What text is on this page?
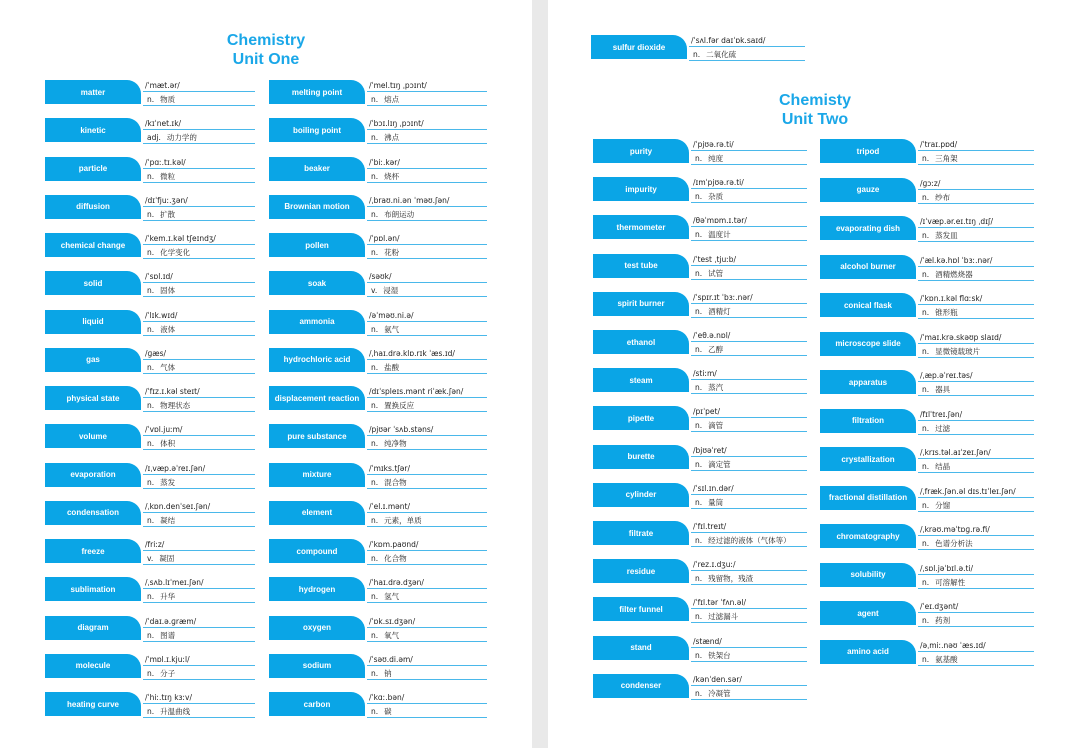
Chemistry
Unit One
matter
/ˈmæt.ər/
n. 物质
kinetic
/kɪˈnet.ɪk/
adj. 动力学的
particle
/ˈpɑː.tɪ.kəl/
n. 微粒
diffusion
/dɪˈfjuː.ʒən/
n. 扩散
chemical change
/ˈkem.ɪ.kəl tʃeɪndʒ/
n. 化学变化
solid
/ˈsɒl.ɪd/
n. 固体
liquid
/ˈlɪk.wɪd/
n. 液体
gas
/ɡæs/
n. 气体
physical state
/ˈfɪz.ɪ.kəl steɪt/
n. 物理状态
volume
/ˈvɒl.juːm/
n. 体积
evaporation
/ɪˌvæp.əˈreɪ.ʃən/
n. 蒸发
condensation
/ˌkɒn.denˈseɪ.ʃən/
n. 凝结
freeze
/friːz/
v. 凝固
sublimation
/ˌsʌb.lɪˈmeɪ.ʃən/
n. 升华
diagram
/ˈdaɪ.ə.ɡræm/
n. 图谱
molecule
/ˈmɒl.ɪ.kjuːl/
n. 分子
heating curve
/ˈhiː.tɪŋ kɜːv/
n. 升温曲线
melting point
/ˈmel.tɪŋ ˌpɔɪnt/
n. 熔点
boiling point
/ˈbɔɪ.lɪŋ ˌpɔɪnt/
n. 沸点
beaker
/ˈbiː.kər/
n. 烧杯
Brownian motion
/ˌbraʊ.ni.ən ˈməʊ.ʃən/
n. 布朗运动
pollen
/ˈpɒl.ən/
n. 花粉
soak
/səʊk/
v. 浸湿
ammonia
/əˈməʊ.ni.ə/
n. 氨气
hydrochloric acid
/ˌhaɪ.drə.klɒ.rɪk ˈæs.ɪd/
n. 盐酸
displacement reaction
/dɪˈspleɪs.mənt riˈæk.ʃən/
n. 置换反应
pure substance
/pjʊər ˈsʌb.stəns/
n. 纯净物
mixture
/ˈmɪks.tʃər/
n. 混合物
element
/ˈel.ɪ.mənt/
n. 元素，单质
compound
/ˈkɒm.paʊnd/
n. 化合物
hydrogen
/ˈhaɪ.drə.dʒən/
n. 氢气
oxygen
/ˈɒk.sɪ.dʒən/
n. 氧气
sodium
/ˈsəʊ.di.əm/
n. 钠
carbon
/ˈkɑː.bən/
n. 碳
sulfur dioxide
/ˈsʌl.fər daɪˈɒk.saɪd/
n. 二氧化硫
Chemisty
Unit Two
purity
/ˈpjʊə.rə.ti/
n. 纯度
impurity
/ɪmˈpjʊə.rə.ti/
n. 杂质
thermometer
/θəˈmɒm.ɪ.tər/
n. 温度计
test tube
/ˈtest ˌtjuːb/
n. 试管
spirit burner
/ˈspɪr.ɪt ˈbɜː.nər/
n. 酒精灯
ethanol
/ˈeθ.ə.nɒl/
n. 乙醇
steam
/stiːm/
n. 蒸汽
pipette
/pɪˈpet/
n. 滴管
burette
/bjʊəˈret/
n. 滴定管
cylinder
/ˈsɪl.ɪn.dər/
n. 量筒
filtrate
/ˈfɪl.treɪt/
n. 经过滤的液体（气体等）
residue
/ˈrez.ɪ.dʒuː/
n. 残留物，残渣
filter funnel
/ˈfɪl.tər ˈfʌn.əl/
n. 过滤漏斗
stand
/stænd/
n. 铁架台
condenser
/kənˈden.sər/
n. 冷凝管
tripod
/ˈtraɪ.pɒd/
n. 三角架
gauze
/ɡɔːz/
n. 纱布
evaporating dish
/ɪˈvæp.ər.eɪ.tɪŋ ˌdɪʃ/
n. 蒸发皿
alcohol burner
/ˈæl.kə.hɒl ˈbɜː.nər/
n. 酒精燃烧器
conical flask
/ˈkɒn.ɪ.kəl flɑːsk/
n. 锥形瓶
microscope slide
/ˈmaɪ.krə.skəʊp slaɪd/
n. 显微镜载玻片
apparatus
/ˌæp.əˈreɪ.təs/
n. 器具
filtration
/fɪlˈtreɪ.ʃən/
n. 过滤
crystallization
/ˌkrɪs.təl.aɪˈzeɪ.ʃən/
n. 结晶
fractional distillation
/ˌfræk.ʃən.əl dɪs.tɪˈleɪ.ʃən/
n. 分馏
chromatography
/ˌkrəʊ.məˈtɒɡ.rə.fi/
n. 色谱分析法
solubility
/ˌsɒl.jəˈbɪl.ə.ti/
n. 可溶解性
agent
/ˈeɪ.dʒənt/
n. 药剂
amino acid
/əˌmiː.nəʊ ˈæs.ɪd/
n. 氨基酸
